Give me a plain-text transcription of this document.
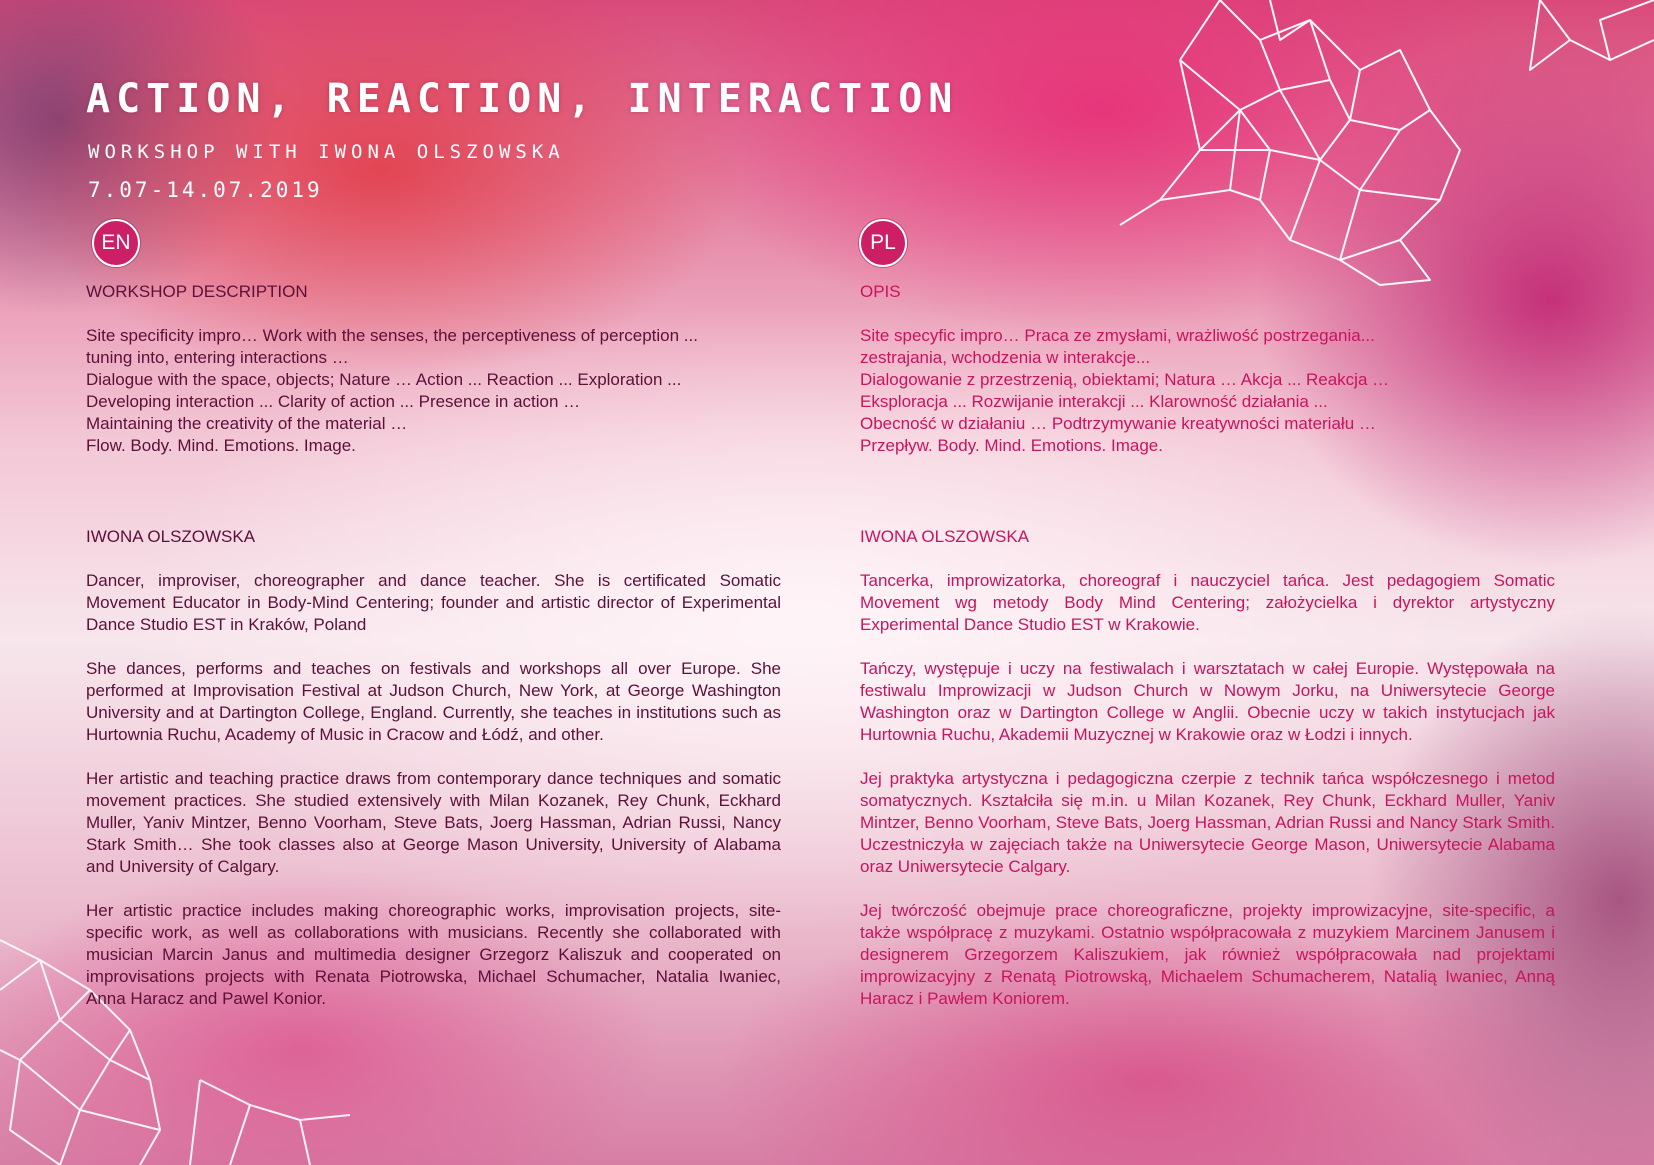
ACTION, REACTION, INTERACTION

WORKSHOP WITH IWONA OLSZOWSKA

7.07-14.07.2019

EN	PL
WORKSHOP DESCRIPTION
Site specificity impro… Work with the senses, the perceptiveness of perception ...
tuning into, entering interactions …
Dialogue with the space, objects; Nature … Action ... Reaction ... Exploration ...
Developing interaction ... Clarity of action ... Presence in action …
Maintaining the creativity of the material …
Flow. Body. Mind. Emotions. Image.
OPIS
Site specyfic impro… Praca ze zmysłami, wrażliwość postrzegania...
zestrajania, wchodzenia w interakcje...
Dialogowanie z przestrzenią, obiektami; Natura … Akcja ... Reakcja …
Eksploracja ... Rozwijanie interakcji ... Klarowność działania ...
Obecność w działaniu … Podtrzymywanie kreatywności materiału …
Przepływ. Body. Mind. Emotions. Image.
IWONA OLSZOWSKA

Dancer, improviser, choreographer and dance teacher. She is certificated Somatic Movement Educator in Body-Mind Centering; founder and artistic director of Experimental Dance Studio EST in Kraków, Poland

She dances, performs and teaches on festivals and workshops all over Europe. She performed at Improvisation Festival at Judson Church, New York, at George Washington University and at Dartington College, England. Currently, she teaches in institutions such as Hurtownia Ruchu, Academy of Music in Cracow and Łódź, and other.

Her artistic and teaching practice draws from contemporary dance techniques and somatic movement practices. She studied extensively with Milan Kozanek, Rey Chunk, Eckhard Muller, Yaniv Mintzer, Benno Voorham, Steve Bats, Joerg Hassman, Adrian Russi, Nancy Stark Smith… She took classes also at George Mason University, University of Alabama and University of Calgary.

Her artistic practice includes making choreographic works, improvisation projects, site-specific work, as well as collaborations with musicians. Recently she collaborated with musician Marcin Janus and multimedia designer Grzegorz Kaliszuk and cooperated on improvisations projects with Renata Piotrowska, Michael Schumacher, Natalia Iwaniec, Anna Haracz and Pawel Konior.

IWONA OLSZOWSKA

Tancerka, improwizatorka, choreograf i nauczyciel tańca. Jest pedagogiem Somatic Movement wg metody Body Mind Centering; założycielka i dyrektor artystyczny Experimental Dance Studio EST w Krakowie.

Tańczy, występuje i uczy na festiwalach i warsztatach w całej Europie. Występowała na festiwalu Improwizacji w Judson Church w Nowym Jorku, na Uniwersytecie George Washington oraz w Dartington College w Anglii. Obecnie uczy w takich instytucjach jak Hurtownia Ruchu, Akademii Muzycznej w Krakowie oraz w Łodzi i innych.

Jej praktyka artystyczna i pedagogiczna czerpie z technik tańca współczesnego i metod somatycznych. Kształciła się m.in. u Milan Kozanek, Rey Chunk, Eckhard Muller, Yaniv Mintzer, Benno Voorham, Steve Bats, Joerg Hassman, Adrian Russi and Nancy Stark Smith. Uczestniczyła w zajęciach także na Uniwersytecie George Mason, Uniwersytecie Alabama oraz Uniwersytecie Calgary.

Jej twórczość obejmuje prace choreograficzne, projekty improwizacyjne, site-specific, a także współpracę z muzykami. Ostatnio współpracowała z muzykiem Marcinem Janusem i designerem Grzegorzem Kaliszukiem, jak również współpracowała nad projektami improwizacyjny z Renatą Piotrowską, Michaelem Schumacherem, Natalią Iwaniec, Anną Haracz i Pawłem Koniorem.
